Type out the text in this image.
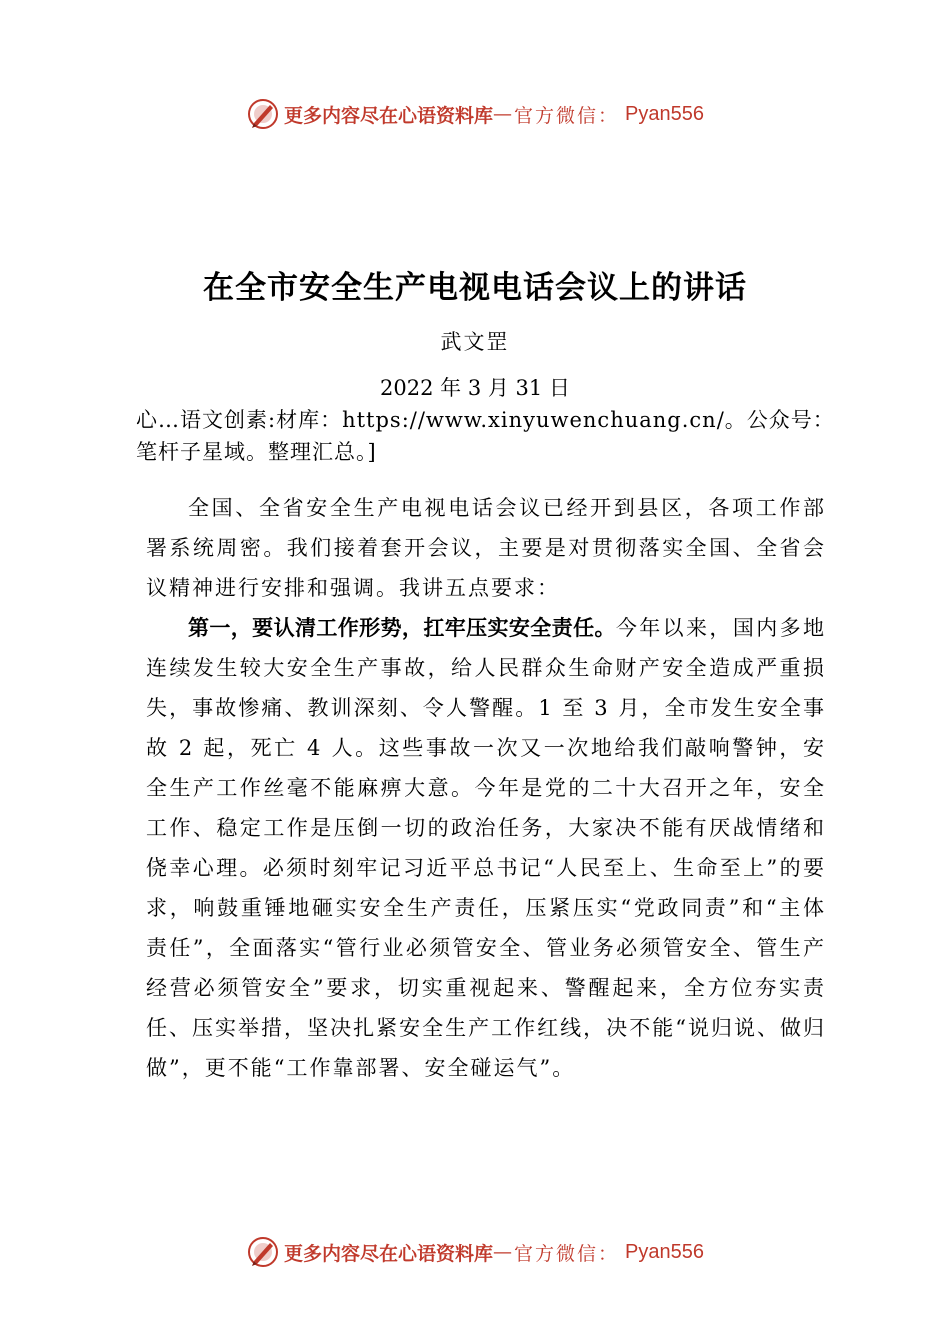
更多内容尽在心语资料库 — 官方微信： Pyan556
在全市安全生产电视电话会议上的讲话
武文罡
2022 年 3 月 31 日
心…语文创素:材库：https://www.xinyuwenchuang.cn/。公众号：笔杆子星域。整理汇总。]

全国、全省安全生产电视电话会议已经开到县区，各项工作部署系统周密。我们接着套开会议，主要是对贯彻落实全国、全省会议精神进行安排和强调。我讲五点要求：

第一，要认清工作形势，扛牢压实安全责任。今年以来，国内多地连续发生较大安全生产事故，给人民群众生命财产安全造成严重损失，事故惨痛、教训深刻、令人警醒。1 至 3 月，全市发生安全事故 2 起，死亡 4 人。这些事故一次又一次地给我们敲响警钟，安全生产工作丝毫不能麻痹大意。今年是党的二十大召开之年，安全工作、稳定工作是压倒一切的政治任务，大家决不能有厌战情绪和侥幸心理。必须时刻牢记习近平总书记“人民至上、生命至上”的要求，响鼓重锤地砸实安全生产责任，压紧压实“党政同责”和“主体责任”，全面落实“管行业必须管安全、管业务必须管安全、管生产经营必须管安全”要求，切实重视起来、警醒起来，全方位夯实责任、压实举措，坚决扎紧安全生产工作红线，决不能“说归说、做归做”，更不能“工作靠部署、安全碰运气”。

更多内容尽在心语资料库 — 官方微信： Pyan556
